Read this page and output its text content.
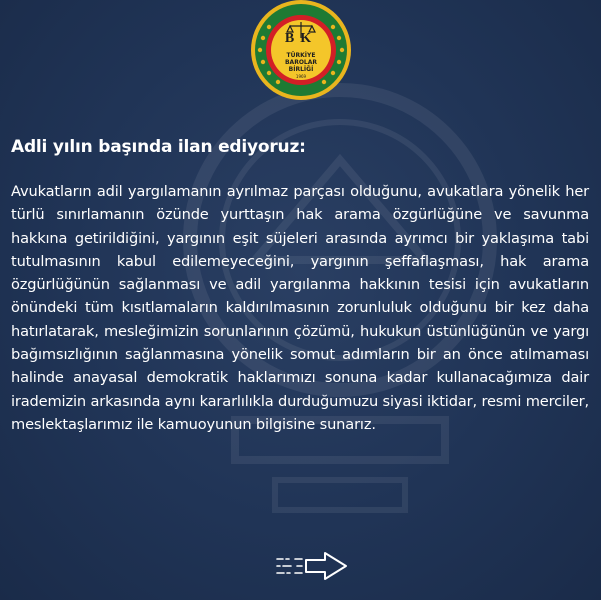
BK
TÜRKİYE
BAROLAR
BİRLİĞİ
1969
Adli yılın başında ilan ediyoruz:

Avukatların adil yargılamanın ayrılmaz parçası olduğunu, avukatlara yönelik her türlü sınırlamanın özünde yurttaşın hak arama özgürlüğüne ve savunma hakkına getirildiğini, yargının eşit süjeleri arasında ayrımcı bir yaklaşıma tabi tutulmasının kabul edilemeyeceğini, yargının şeffaflaşması, hak arama özgürlüğünün sağlanması ve adil yargılanma hakkının tesisi için avukatların önündeki tüm kısıtlamaların kaldırılmasının zorunluluk olduğunu bir kez daha hatırlatarak, mesleğimizin sorunlarının çözümü, hukukun üstünlüğünün ve yargı bağımsızlığının sağlanmasına yönelik somut adımların bir an önce atılmaması halinde anayasal demokratik haklarımızı sonuna kadar kullanacağımıza dair irademizin arkasında aynı kararlılıkla durduğumuzu siyasi iktidar, resmi merciler, meslektaşlarımız ile kamuoyunun bilgisine sunarız.
